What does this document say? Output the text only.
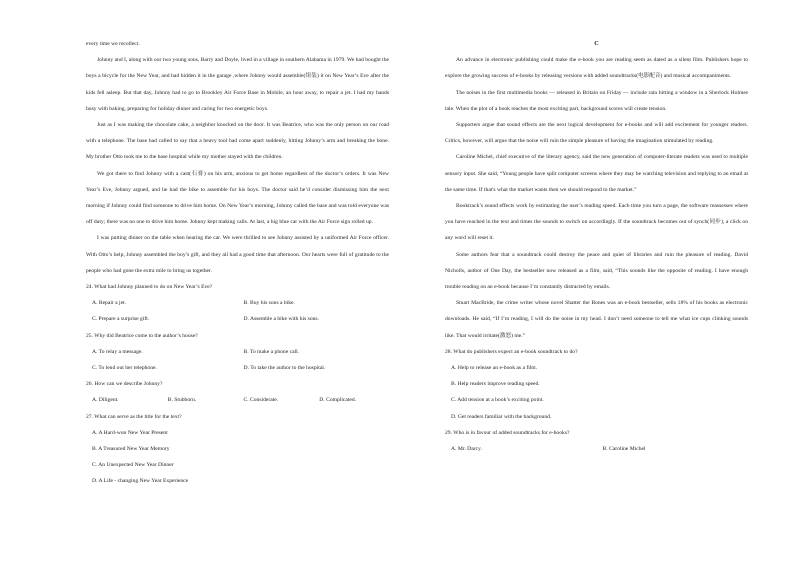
every time we recollect.

Johnny and I, along with our two young sons, Barry and Doyle, lived in a village in southern Alabama in 1979. We had bought the boys a bicycle for the New Year, and had hidden it in the garage ,where Johnny would assemble(组装) it on New Year’s Eve after the kids fell asleep. But that day, Johnny had to go to Brookley Air Force Base in Mobile, an hour away, to repair a jet. I had my hands busy with baking, preparing for holiday dinner and caring for two energetic boys.

Just as I was making the chocolate cake, a neighbor knocked on the door. It was Beatrice, who was the only person on our road with a telephone. The base had called to say that a heavy tool had come apart suddenly, hitting Johnny’s arm and breaking the bone. My brother Otto took me to the base hospital while my mother stayed with the children.

We got there to find Johnny with a cast(石膏) on his arm, anxious to get home regardless of the doctor’s orders. It was New Year’s Eve, Johnny argued, and he had the bike to assemble for his boys. The doctor said he’d consider dismissing him the next morning if Johnny could find someone to drive him home. On New Year’s morning, Johnny called the base and was told everyone was off duty; there was no one to drive him home. Johnny kept making calls. At last, a big blue car with the Air Force sign rolled up.

I was putting dinner on the table when hearing the car. We were thrilled to see Johnny assisted by a uniformed Air Force officer. With Otto’s help, Johnny assembled the boy’s gift, and they all had a good time that afternoon. Our hearts were full of gratitude to the people who had gone the extra mile to bring us together.

24. What had Johnny planned to do on New Year’s Eve?

A. Repair a jet.	B. Buy his sons a bike.
C. Prepare a surprise gift.	D. Assemble a bike with his sons.

25. Why did Beatrice come to the author’s house?

A. To relay a message.	B. To make a phone call.
C. To lend out her telephone.	D. To take the author to the hospital.

26. How can we describe Johnny?

A. Diligent.	B. Stubborn.	C. Considerate.	D. Complicated.

27. What can serve as the title for the text?

A. A Hard-won New Year Present
B. A Treasured New Year Memory
C. An Unexpected New Year Dinner
D. A Life - changing New Year Experience
C

An advance in electronic publishing could make the e-book you are reading seem as dated as a silent film. Publishers hope to explore the growing success of e-books by releasing versions with added soundtracks(电影配音) and musical accompaniments.

The noises in the first multimedia books — released in Britain on Friday — include rain hitting a window in a Sherlock Holmes tale. When the plot of a book reaches the most exciting part, background scores will create tension.

Supporters argue that sound effects are the next logical development for e-books and will add excitement for younger readers. Critics, however, will argue that the noise will ruin the simple pleasure of having the imagination stimulated by reading.

Caroline Michel, chief executive of the literary agency, said the new generation of computer-literate readers was used to multiple sensory input. She said, “Young people have split computer screens where they may be watching television and replying to an email at the same time. If that's what the market wants then we should respond to the market.”

Booktrack’s sound effects work by estimating the user’s reading speed. Each time you turn a page, the software reassesses where you have reached in the text and times the sounds to switch on accordingly. If the soundtrack becomes out of synch(同步), a click on any word will reset it.

Some authors fear that a soundtrack could destroy the peace and quiet of libraries and ruin the pleasure of reading. David Nicholls, author of One Day, the bestseller now released as a film, said, “This sounds like the opposite of reading. I have enough trouble reading on an e-book because I’m constantly distracted by emails.

Stuart MacBride, the crime writer whose novel Shatter the Bones was an e-book bestseller, sells 18% of his books as electronic downloads. He said, “If I’m reading, I will do the noise in my head. I don’t need someone to tell me what ice cups clinking sounds like. That would irritate(激怒) me.”

28. What do publishers expect an e-book soundtrack to do?

A. Help to release an e-book as a film.
B. Help readers improve reading speed.
C. Add tension at a book’s exciting point.
D. Get readers familiar with the background.

29. Who is in favour of added soundtracks for e-books?

A. Mr. Darcy.	B. Caroline Michel
